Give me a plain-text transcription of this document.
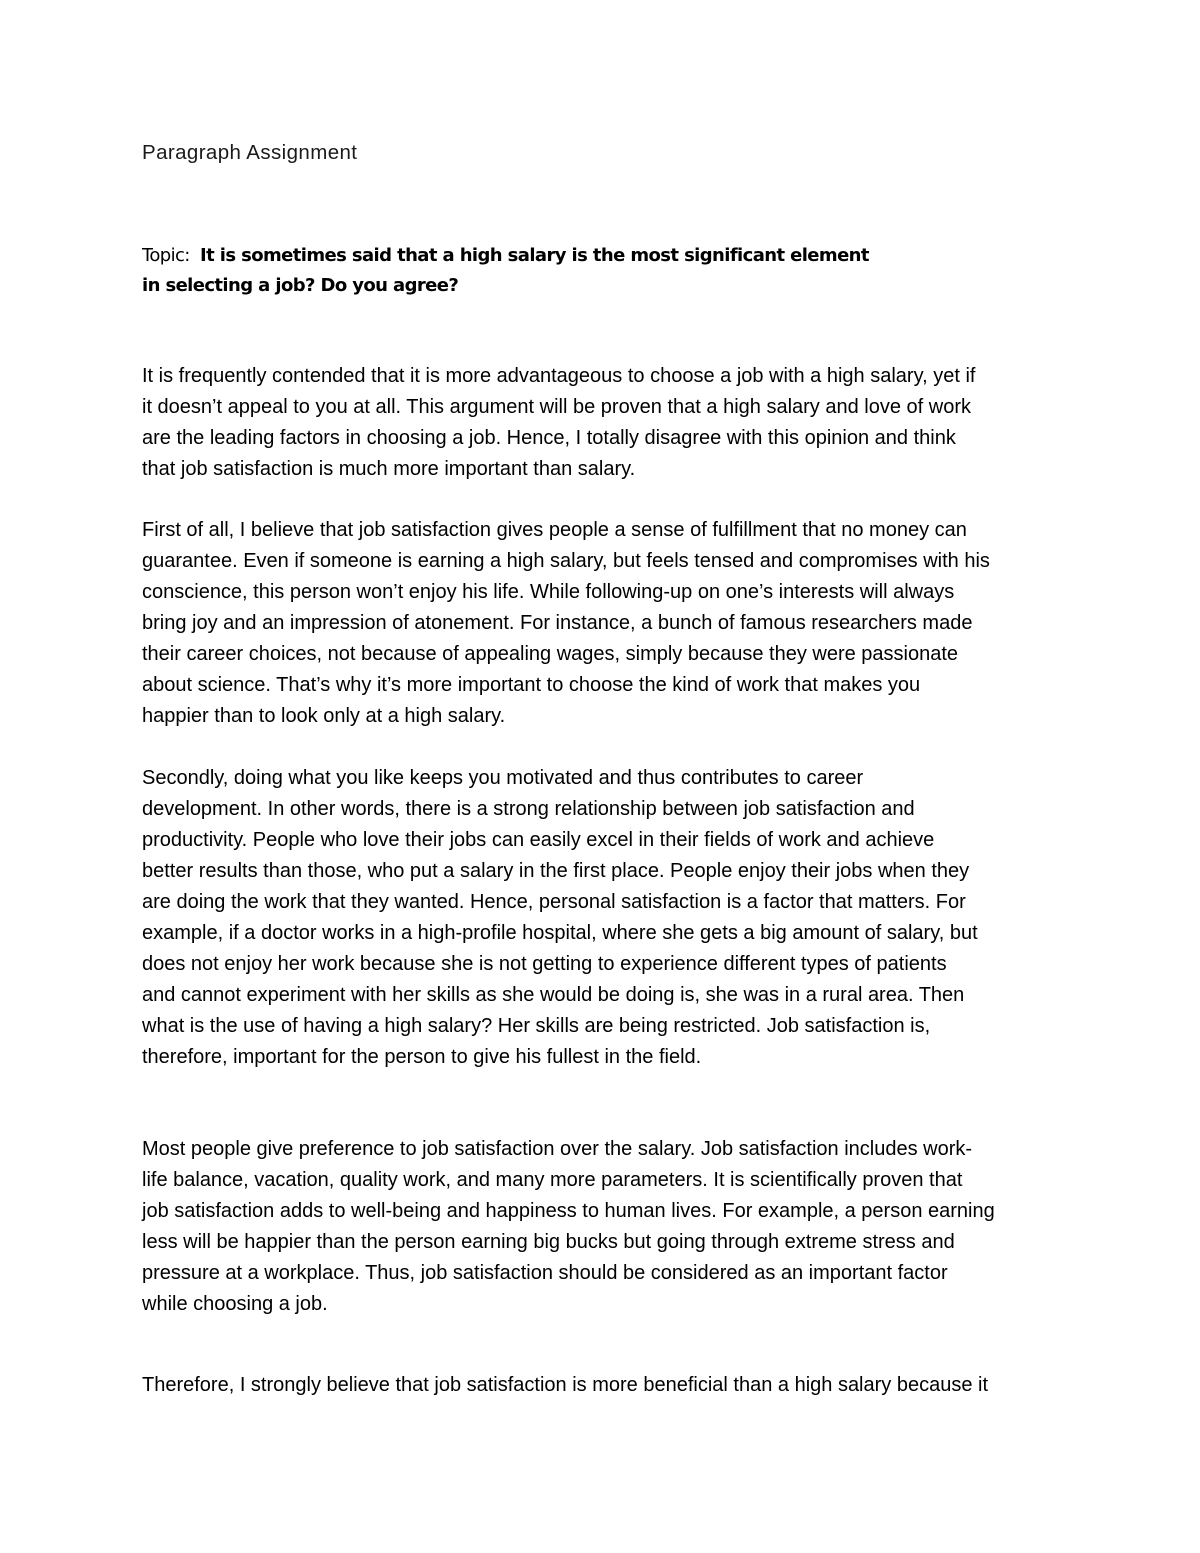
Paragraph Assignment
Topic: It is sometimes said that a high salary is the most significant element
in selecting a job? Do you agree?
It is frequently contended that it is more advantageous to choose a job with a high salary, yet if
it doesn’t appeal to you at all. This argument will be proven that a high salary and love of work
are the leading factors in choosing a job. Hence, I totally disagree with this opinion and think
that job satisfaction is much more important than salary.
First of all, I believe that job satisfaction gives people a sense of fulfillment that no money can
guarantee. Even if someone is earning a high salary, but feels tensed and compromises with his
conscience, this person won’t enjoy his life. While following-up on one’s interests will always
bring joy and an impression of atonement. For instance, a bunch of famous researchers made
their career choices, not because of appealing wages, simply because they were passionate
about science. That’s why it’s more important to choose the kind of work that makes you
happier than to look only at a high salary.
Secondly, doing what you like keeps you motivated and thus contributes to career
development. In other words, there is a strong relationship between job satisfaction and
productivity. People who love their jobs can easily excel in their fields of work and achieve
better results than those, who put a salary in the first place. People enjoy their jobs when they
are doing the work that they wanted. Hence, personal satisfaction is a factor that matters. For
example, if a doctor works in a high-profile hospital, where she gets a big amount of salary, but
does not enjoy her work because she is not getting to experience different types of patients
and cannot experiment with her skills as she would be doing is, she was in a rural area. Then
what is the use of having a high salary? Her skills are being restricted. Job satisfaction is,
therefore, important for the person to give his fullest in the field.
Most people give preference to job satisfaction over the salary. Job satisfaction includes work-
life balance, vacation, quality work, and many more parameters. It is scientifically proven that
job satisfaction adds to well-being and happiness to human lives. For example, a person earning
less will be happier than the person earning big bucks but going through extreme stress and
pressure at a workplace. Thus, job satisfaction should be considered as an important factor
while choosing a job.
Therefore, I strongly believe that job satisfaction is more beneficial than a high salary because it
